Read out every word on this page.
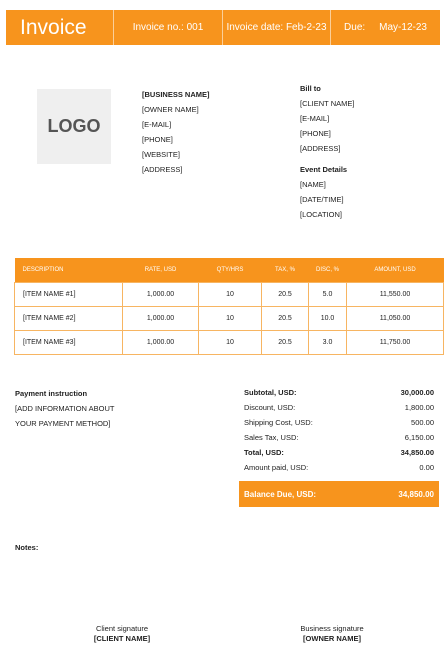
Invoice	Invoice no.: 001	Invoice date: Feb-2-23	Due: May-12-23
LOGO
[BUSINESS NAME]
[OWNER NAME]
[E-MAIL]
[PHONE]
[WEBSITE]
[ADDRESS]
Bill to
[CLIENT NAME]
[E-MAIL]
[PHONE]
[ADDRESS]
Event Details
[NAME]
[DATE/TIME]
[LOCATION]
DESCRIPTION	RATE, USD	QTY/HRS	TAX, %	DISC, %	AMOUNT, USD
[ITEM NAME #1]	1,000.00	10	20.5	5.0	11,550.00
[ITEM NAME #2]	1,000.00	10	20.5	10.0	11,050.00
[ITEM NAME #3]	1,000.00	10	20.5	3.0	11,750.00
Payment instruction
[ADD INFORMATION ABOUT
YOUR PAYMENT METHOD]
Subtotal, USD:	30,000.00
Discount, USD:	1,800.00
Shipping Cost, USD:	500.00
Sales Tax, USD:	6,150.00
Total, USD:	34,850.00
Amount paid, USD:	0.00
Balance Due, USD:	34,850.00
Notes:
Client signature
[CLIENT NAME]
Business signature
[OWNER NAME]
